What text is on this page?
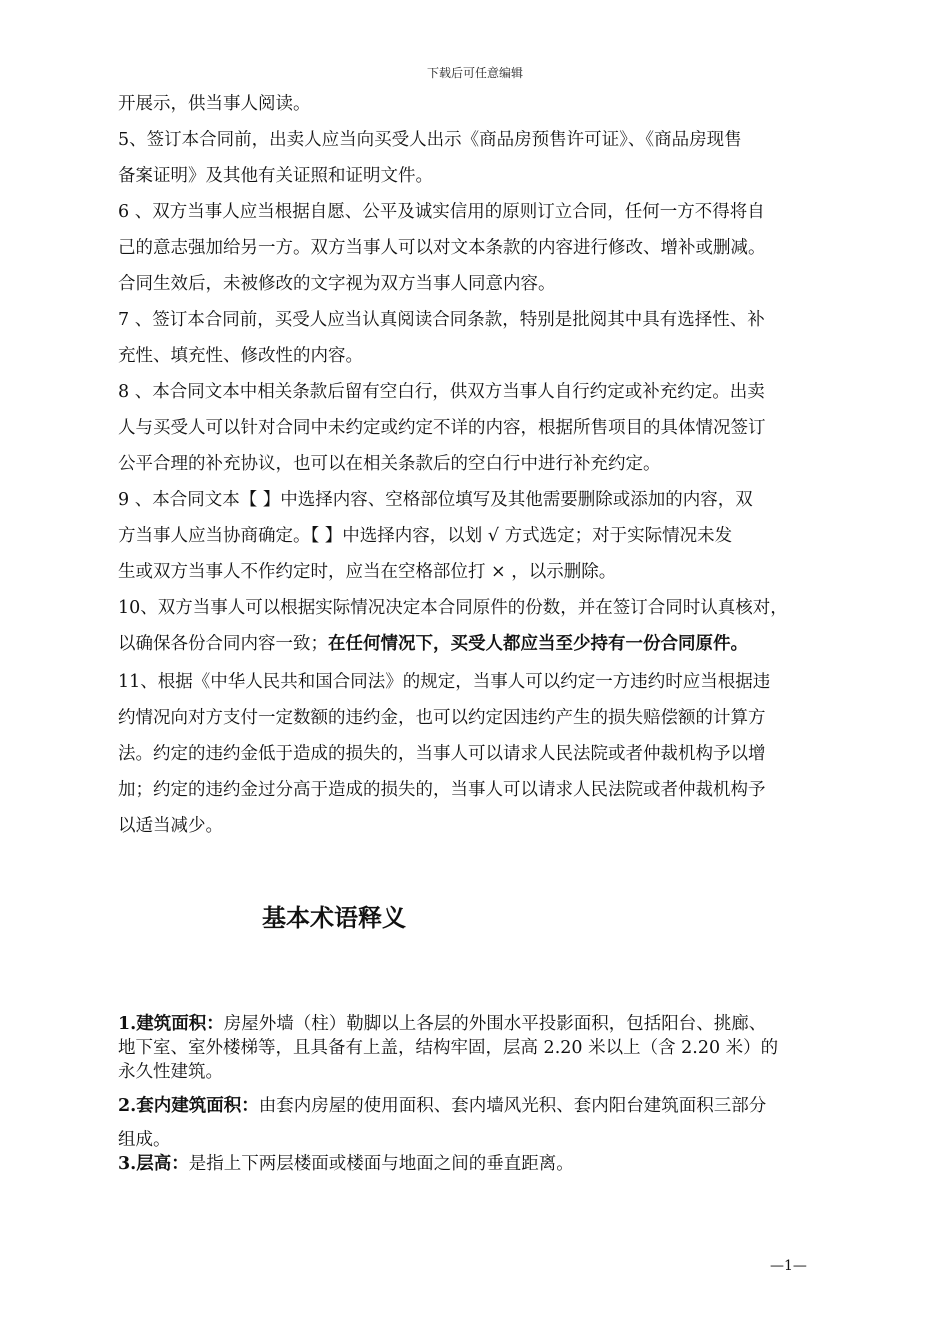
下载后可任意编辑
开展示，供当事人阅读。
5、签订本合同前，出卖人应当向买受人出示《商品房预售许可证》、《商品房现售
备案证明》及其他有关证照和证明文件。
6 、双方当事人应当根据自愿、公平及诚实信用的原则订立合同，任何一方不得将自
己的意志强加给另一方。双方当事人可以对文本条款的内容进行修改、增补或删减。
合同生效后，未被修改的文字视为双方当事人同意内容。
7 、签订本合同前，买受人应当认真阅读合同条款，特别是批阅其中具有选择性、补
充性、填充性、修改性的内容。
8 、本合同文本中相关条款后留有空白行，供双方当事人自行约定或补充约定。出卖
人与买受人可以针对合同中未约定或约定不详的内容，根据所售项目的具体情况签订
公平合理的补充协议，也可以在相关条款后的空白行中进行补充约定。
9 、本合同文本【 】中选择内容、空格部位填写及其他需要删除或添加的内容，双
方当事人应当协商确定。【 】中选择内容，以划 √ 方式选定；对于实际情况未发
生或双方当事人不作约定时，应当在空格部位打 × ，以示删除。
10、双方当事人可以根据实际情况决定本合同原件的份数，并在签订合同时认真核对，
以确保各份合同内容一致；在任何情况下，买受人都应当至少持有一份合同原件。
11、根据《中华人民共和国合同法》的规定，当事人可以约定一方违约时应当根据违
约情况向对方支付一定数额的违约金，也可以约定因违约产生的损失赔偿额的计算方
法。约定的违约金低于造成的损失的，当事人可以请求人民法院或者仲裁机构予以增
加；约定的违约金过分高于造成的损失的，当事人可以请求人民法院或者仲裁机构予
以适当减少。
基本术语释义
1.建筑面积：房屋外墙（柱）勒脚以上各层的外围水平投影面积，包括阳台、挑廊、
地下室、室外楼梯等，且具备有上盖，结构牢固，层高 2.20 米以上（含 2.20 米）的
永久性建筑。
2.套内建筑面积：由套内房屋的使用面积、套内墙风光积、套内阳台建筑面积三部分
组成。
3.层高：是指上下两层楼面或楼面与地面之间的垂直距离。
—1—
